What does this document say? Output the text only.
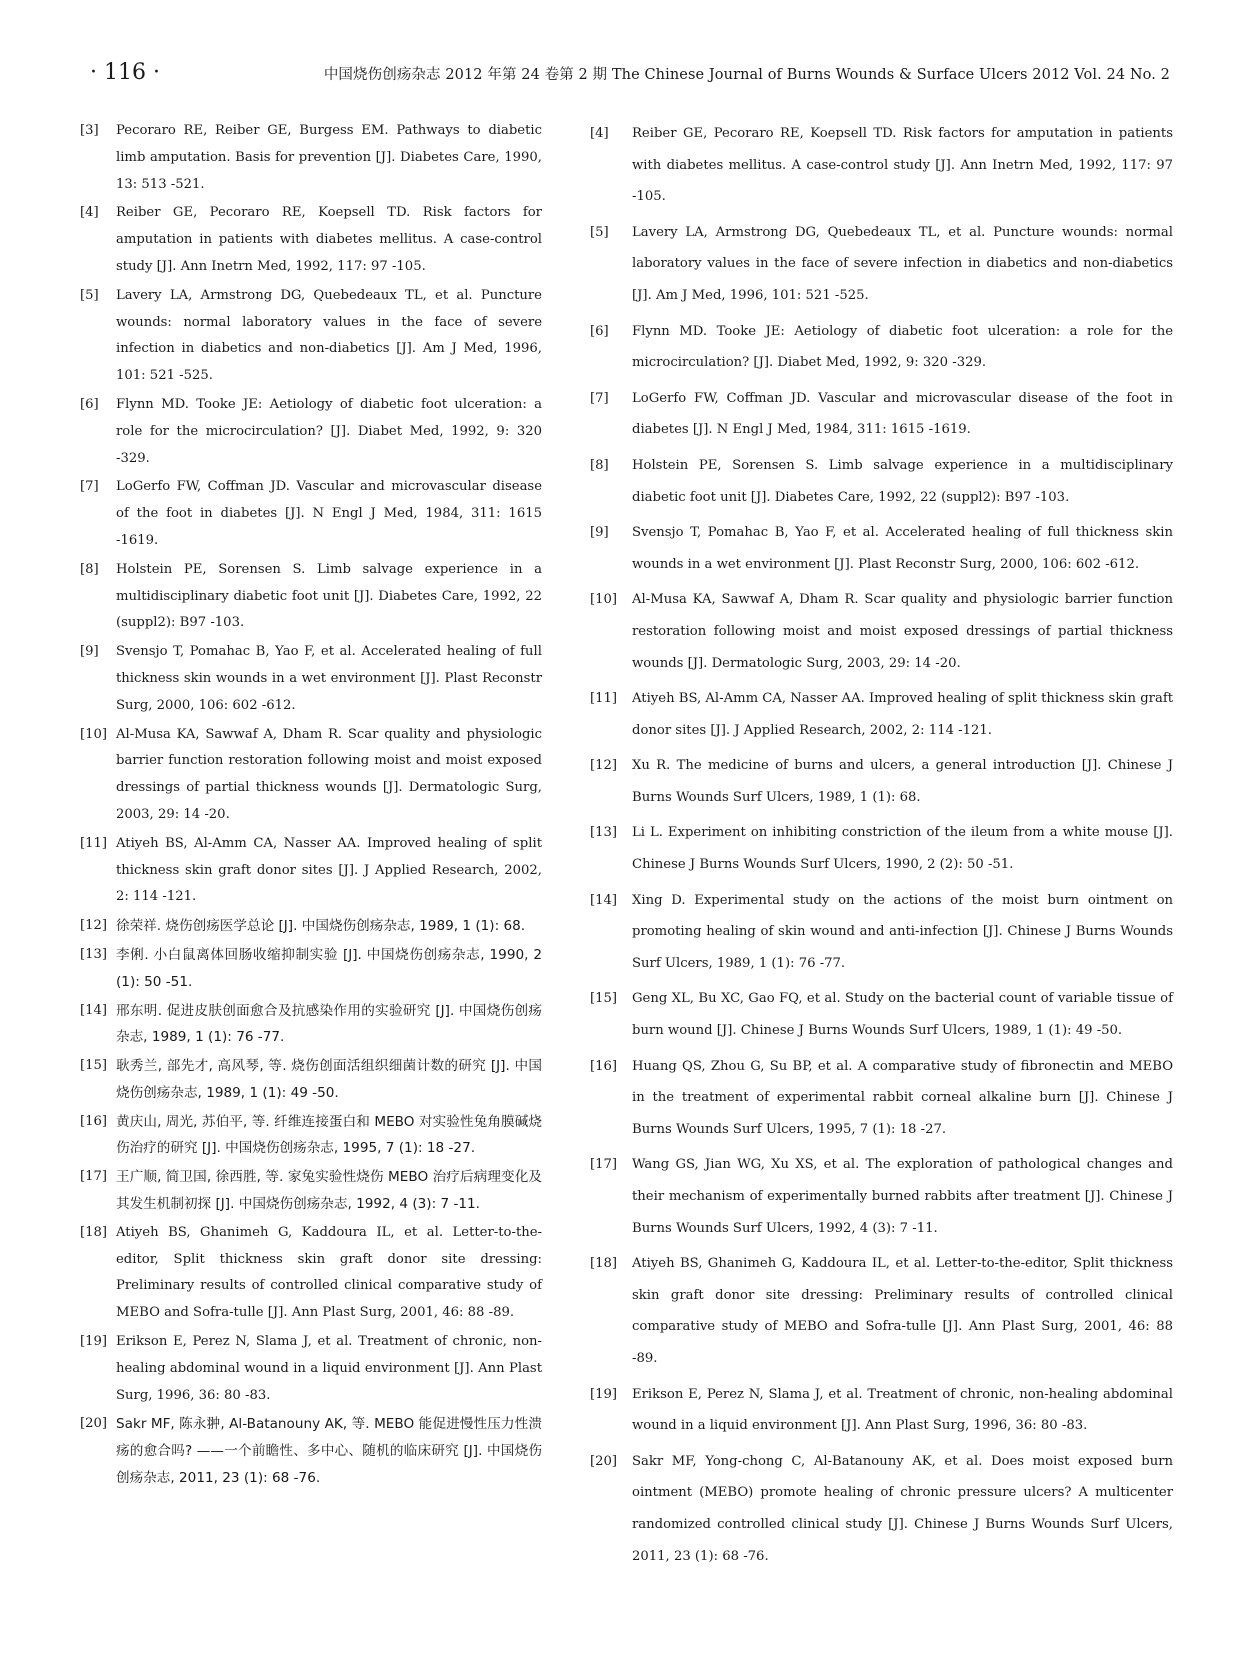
· 116 ·	中国烧伤创疡杂志 2012 年第 24 卷第 2 期 The Chinese Journal of Burns Wounds & Surface Ulcers 2012 Vol. 24 No. 2
[3]	Pecoraro RE, Reiber GE, Burgess EM. Pathways to diabetic limb amputation. Basis for prevention [J]. Diabetes Care, 1990, 13: 513 -521.
[4]	Reiber GE, Pecoraro RE, Koepsell TD. Risk factors for amputation in patients with diabetes mellitus. A case-control study [J]. Ann Inetrn Med, 1992, 117: 97 -105.
[5]	Lavery LA, Armstrong DG, Quebedeaux TL, et al. Puncture wounds: normal laboratory values in the face of severe infection in diabetics and non-diabetics [J]. Am J Med, 1996, 101: 521 -525.
[6]	Flynn MD. Tooke JE: Aetiology of diabetic foot ulceration: a role for the microcirculation? [J]. Diabet Med, 1992, 9: 320 -329.
[7]	LoGerfo FW, Coffman JD. Vascular and microvascular disease of the foot in diabetes [J]. N Engl J Med, 1984, 311: 1615 -1619.
[8]	Holstein PE, Sorensen S. Limb salvage experience in a multidisciplinary diabetic foot unit [J]. Diabetes Care, 1992, 22 (suppl2): B97 -103.
[9]	Svensjo T, Pomahac B, Yao F, et al. Accelerated healing of full thickness skin wounds in a wet environment [J]. Plast Reconstr Surg, 2000, 106: 602 -612.
[10] Al-Musa KA, Sawwaf A, Dham R. Scar quality and physiologic barrier function restoration following moist and moist exposed dressings of partial thickness wounds [J]. Dermatologic Surg, 2003, 29: 14 -20.
[11] Atiyeh BS, Al-Amm CA, Nasser AA. Improved healing of split thickness skin graft donor sites [J]. J Applied Research, 2002, 2: 114 -121.
[12] 徐荣祥. 烧伤创疡医学总论 [J]. 中国烧伤创疡杂志, 1989, 1 (1): 68.
[13] 李俐. 小白鼠离体回肠收缩抑制实验 [J]. 中国烧伤创疡杂志, 1990, 2 (1): 50 -51.
[14] 邢东明. 促进皮肤创面愈合及抗感染作用的实验研究 [J]. 中国烧伤创疡杂志, 1989, 1 (1): 76 -77.
[15] 耿秀兰, 部先才, 高风琴, 等. 烧伤创面活组织细菌计数的研究 [J]. 中国烧伤创疡杂志, 1989, 1 (1): 49 -50.
[16] 黄庆山, 周光, 苏伯平, 等. 纤维连接蛋白和 MEBO 对实验性兔角膜碱烧伤治疗的研究 [J]. 中国烧伤创疡杂志, 1995, 7 (1): 18 -27.
[17] 王广顺, 简卫国, 徐西胜, 等. 家兔实验性烧伤 MEBO 治疗后病理变化及其发生机制初探 [J]. 中国烧伤创疡杂志, 1992, 4 (3): 7 -11.
[18] Atiyeh BS, Ghanimeh G, Kaddoura IL, et al. Letter-to-the-editor, Split thickness skin graft donor site dressing: Preliminary results of controlled clinical comparative study of MEBO and Sofra-tulle [J]. Ann Plast Surg, 2001, 46: 88 -89.
[19] Erikson E, Perez N, Slama J, et al. Treatment of chronic, non-healing abdominal wound in a liquid environment [J]. Ann Plast Surg, 1996, 36: 80 -83.
[20] Sakr MF, 陈永翀, Al-Batanouny AK, 等. MEBO 能促进慢性压力性溃疡的愈合吗? ——一个前瞻性、多中心、随机的临床研究 [J]. 中国烧伤创疡杂志, 2011, 23 (1): 68 -76.
[4]	Reiber GE, Pecoraro RE, Koepsell TD. Risk factors for amputation in patients with diabetes mellitus. A case-control study [J]. Ann Inetrn Med, 1992, 117: 97 -105.
[5]	Lavery LA, Armstrong DG, Quebedeaux TL, et al. Puncture wounds: normal laboratory values in the face of severe infection in diabetics and non-diabetics [J]. Am J Med, 1996, 101: 521 -525.
[6]	Flynn MD. Tooke JE: Aetiology of diabetic foot ulceration: a role for the microcirculation? [J]. Diabet Med, 1992, 9: 320 -329.
[7]	LoGerfo FW, Coffman JD. Vascular and microvascular disease of the foot in diabetes [J]. N Engl J Med, 1984, 311: 1615 -1619.
[8]	Holstein PE, Sorensen S. Limb salvage experience in a multidisciplinary diabetic foot unit [J]. Diabetes Care, 1992, 22 (suppl2): B97 -103.
[9]	Svensjo T, Pomahac B, Yao F, et al. Accelerated healing of full thickness skin wounds in a wet environment [J]. Plast Reconstr Surg, 2000, 106: 602 -612.
[10]	Al-Musa KA, Sawwaf A, Dham R. Scar quality and physiologic barrier function restoration following moist and moist exposed dressings of partial thickness wounds [J]. Dermatologic Surg, 2003, 29: 14 -20.
[11]	Atiyeh BS, Al-Amm CA, Nasser AA. Improved healing of split thickness skin graft donor sites [J]. J Applied Research, 2002, 2: 114 -121.
[12]	Xu R. The medicine of burns and ulcers, a general introduction [J]. Chinese J Burns Wounds Surf Ulcers, 1989, 1 (1): 68.
[13]	Li L. Experiment on inhibiting constriction of the ileum from a white mouse [J]. Chinese J Burns Wounds Surf Ulcers, 1990, 2 (2): 50 -51.
[14]	Xing D. Experimental study on the actions of the moist burn ointment on promoting healing of skin wound and anti-infection [J]. Chinese J Burns Wounds Surf Ulcers, 1989, 1 (1): 76 -77.
[15]	Geng XL, Bu XC, Gao FQ, et al. Study on the bacterial count of variable tissue of burn wound [J]. Chinese J Burns Wounds Surf Ulcers, 1989, 1 (1): 49 -50.
[16]	Huang QS, Zhou G, Su BP, et al. A comparative study of fibronectin and MEBO in the treatment of experimental rabbit corneal alkaline burn [J]. Chinese J Burns Wounds Surf Ulcers, 1995, 7 (1): 18 -27.
[17]	Wang GS, Jian WG, Xu XS, et al. The exploration of pathological changes and their mechanism of experimentally burned rabbits after treatment [J]. Chinese J Burns Wounds Surf Ulcers, 1992, 4 (3): 7 -11.
[18]	Atiyeh BS, Ghanimeh G, Kaddoura IL, et al. Letter-to-the-editor, Split thickness skin graft donor site dressing: Preliminary results of controlled clinical comparative study of MEBO and Sofra-tulle [J]. Ann Plast Surg, 2001, 46: 88 -89.
[19]	Erikson E, Perez N, Slama J, et al. Treatment of chronic, non-healing abdominal wound in a liquid environment [J]. Ann Plast Surg, 1996, 36: 80 -83.
[20]	Sakr MF, Yong-chong C, Al-Batanouny AK, et al. Does moist exposed burn ointment (MEBO) promote healing of chronic pressure ulcers? A multicenter randomized controlled clinical study [J]. Chinese J Burns Wounds Surf Ulcers, 2011, 23 (1): 68 -76.
